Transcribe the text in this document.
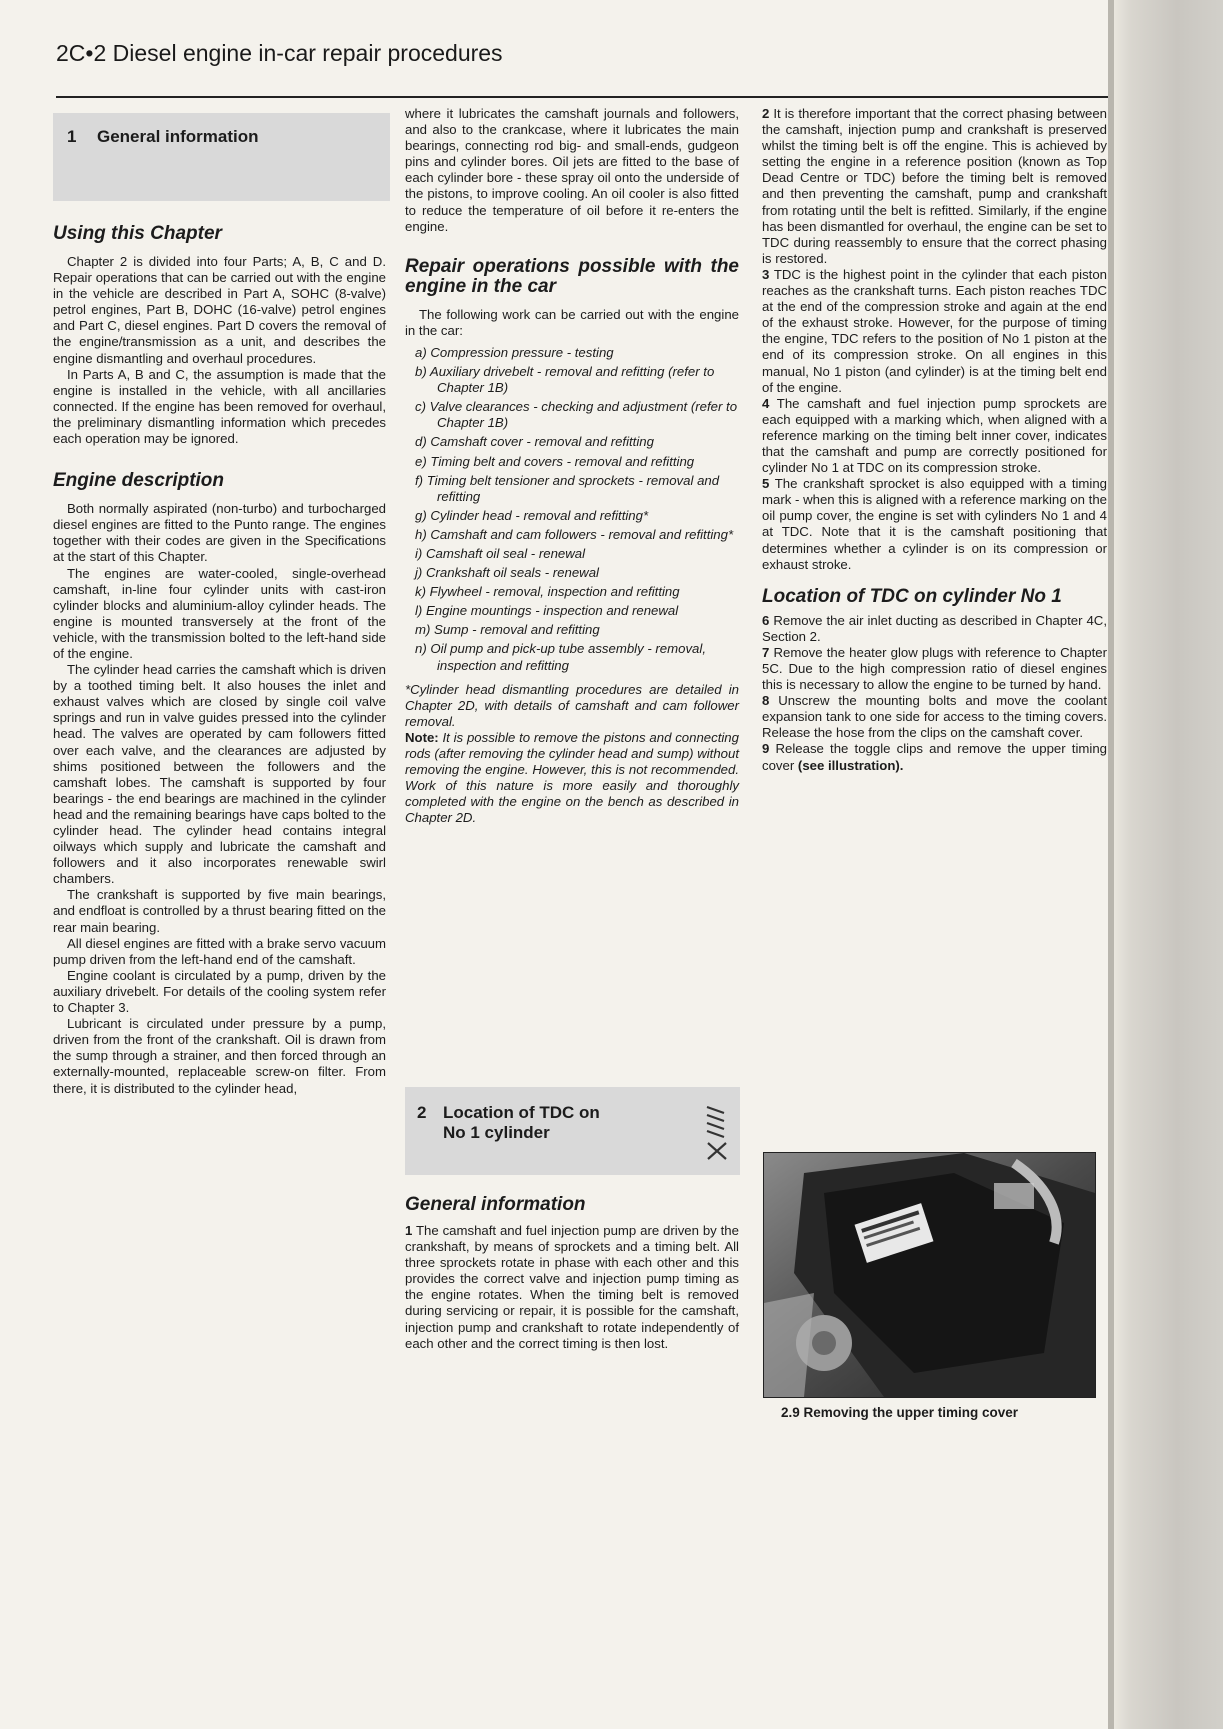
2C•2 Diesel engine in-car repair procedures
1 General information

Using this Chapter

Chapter 2 is divided into four Parts; A, B, C and D. Repair operations that can be carried out with the engine in the vehicle are described in Part A, SOHC (8-valve) petrol engines, Part B, DOHC (16-valve) petrol engines and Part C, diesel engines. Part D covers the removal of the engine/transmission as a unit, and describes the engine dismantling and overhaul procedures.

In Parts A, B and C, the assumption is made that the engine is installed in the vehicle, with all ancillaries connected. If the engine has been removed for overhaul, the preliminary dismantling information which precedes each operation may be ignored.

Engine description

Both normally aspirated (non-turbo) and turbocharged diesel engines are fitted to the Punto range. The engines together with their codes are given in the Specifications at the start of this Chapter.

The engines are water-cooled, single-overhead camshaft, in-line four cylinder units with cast-iron cylinder blocks and aluminium-alloy cylinder heads. The engine is mounted transversely at the front of the vehicle, with the transmission bolted to the left-hand side of the engine.

The cylinder head carries the camshaft which is driven by a toothed timing belt. It also houses the inlet and exhaust valves which are closed by single coil valve springs and run in valve guides pressed into the cylinder head. The valves are operated by cam followers fitted over each valve, and the clearances are adjusted by shims positioned between the followers and the camshaft lobes. The camshaft is supported by four bearings - the end bearings are machined in the cylinder head and the remaining bearings have caps bolted to the cylinder head. The cylinder head contains integral oilways which supply and lubricate the camshaft and followers and it also incorporates renewable swirl chambers.

The crankshaft is supported by five main bearings, and endfloat is controlled by a thrust bearing fitted on the rear main bearing.

All diesel engines are fitted with a brake servo vacuum pump driven from the left-hand end of the camshaft.

Engine coolant is circulated by a pump, driven by the auxiliary drivebelt. For details of the cooling system refer to Chapter 3.

Lubricant is circulated under pressure by a pump, driven from the front of the crankshaft. Oil is drawn from the sump through a strainer, and then forced through an externally-mounted, replaceable screw-on filter. From there, it is distributed to the cylinder head,

where it lubricates the camshaft journals and followers, and also to the crankcase, where it lubricates the main bearings, connecting rod big- and small-ends, gudgeon pins and cylinder bores. Oil jets are fitted to the base of each cylinder bore - these spray oil onto the underside of the pistons, to improve cooling. An oil cooler is also fitted to reduce the temperature of oil before it re-enters the engine.

Repair operations possible with the engine in the car

The following work can be carried out with the engine in the car:

a) Compression pressure - testing
b) Auxiliary drivebelt - removal and refitting (refer to Chapter 1B)
c) Valve clearances - checking and adjustment (refer to Chapter 1B)
d) Camshaft cover - removal and refitting
e) Timing belt and covers - removal and refitting
f) Timing belt tensioner and sprockets - removal and refitting
g) Cylinder head - removal and refitting*
h) Camshaft and cam followers - removal and refitting*
i) Camshaft oil seal - renewal
j) Crankshaft oil seals - renewal
k) Flywheel - removal, inspection and refitting
l) Engine mountings - inspection and renewal
m) Sump - removal and refitting
n) Oil pump and pick-up tube assembly - removal, inspection and refitting

*Cylinder head dismantling procedures are detailed in Chapter 2D, with details of camshaft and cam follower removal.

Note: It is possible to remove the pistons and connecting rods (after removing the cylinder head and sump) without removing the engine. However, this is not recommended. Work of this nature is more easily and thoroughly completed with the engine on the bench as described in Chapter 2D.

2 Location of TDC on
No 1 cylinder

General information

1 The camshaft and fuel injection pump are driven by the crankshaft, by means of sprockets and a timing belt. All three sprockets rotate in phase with each other and this provides the correct valve and injection pump timing as the engine rotates. When the timing belt is removed during servicing or repair, it is possible for the camshaft, injection pump and crankshaft to rotate independently of each other and the correct timing is then lost.

2 It is therefore important that the correct phasing between the camshaft, injection pump and crankshaft is preserved whilst the timing belt is off the engine. This is achieved by setting the engine in a reference position (known as Top Dead Centre or TDC) before the timing belt is removed and then preventing the camshaft, pump and crankshaft from rotating until the belt is refitted. Similarly, if the engine has been dismantled for overhaul, the engine can be set to TDC during reassembly to ensure that the correct phasing is restored.

3 TDC is the highest point in the cylinder that each piston reaches as the crankshaft turns. Each piston reaches TDC at the end of the compression stroke and again at the end of the exhaust stroke. However, for the purpose of timing the engine, TDC refers to the position of No 1 piston at the end of its compression stroke. On all engines in this manual, No 1 piston (and cylinder) is at the timing belt end of the engine.

4 The camshaft and fuel injection pump sprockets are each equipped with a marking which, when aligned with a reference marking on the timing belt inner cover, indicates that the camshaft and pump are correctly positioned for cylinder No 1 at TDC on its compression stroke.

5 The crankshaft sprocket is also equipped with a timing mark - when this is aligned with a reference marking on the oil pump cover, the engine is set with cylinders No 1 and 4 at TDC. Note that it is the camshaft positioning that determines whether a cylinder is on its compression or exhaust stroke.

Location of TDC on cylinder No 1

6 Remove the air inlet ducting as described in Chapter 4C, Section 2.

7 Remove the heater glow plugs with reference to Chapter 5C. Due to the high compression ratio of diesel engines this is necessary to allow the engine to be turned by hand.

8 Unscrew the mounting bolts and move the coolant expansion tank to one side for access to the timing covers. Release the hose from the clips on the camshaft cover.

9 Release the toggle clips and remove the upper timing cover (see illustration).

2.9 Removing the upper timing cover
